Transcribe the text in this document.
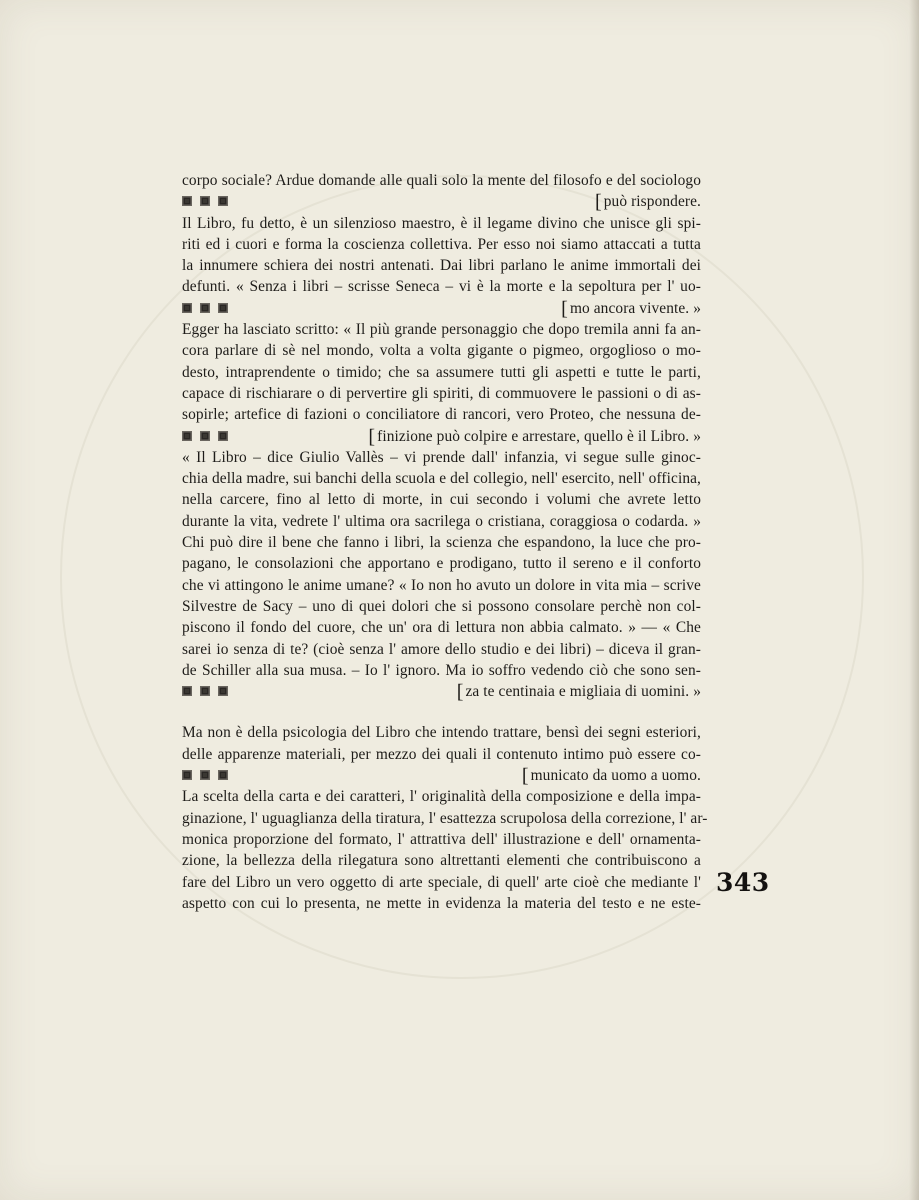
corpo sociale? Ardue domande alle quali solo la mente del filosofo e del sociologo
[ può rispondere.
Il Libro, fu detto, è un silenzioso maestro, è il legame divino che unisce gli spi-
riti ed i cuori e forma la coscienza collettiva. Per esso noi siamo attaccati a tutta
la innumere schiera dei nostri antenati. Dai libri parlano le anime immortali dei
defunti. « Senza i libri – scrisse Seneca – vi è la morte e la sepoltura per l' uo-
[ mo ancora vivente. »
Egger ha lasciato scritto: « Il più grande personaggio che dopo tremila anni fa an-
cora parlare di sè nel mondo, volta a volta gigante o pigmeo, orgoglioso o mo-
desto, intraprendente o timido; che sa assumere tutti gli aspetti e tutte le parti,
capace di rischiarare o di pervertire gli spiriti, di commuovere le passioni o di as-
sopirle; artefice di fazioni o conciliatore di rancori, vero Proteo, che nessuna de-
[ finizione può colpire e arrestare, quello è il Libro. »
« Il Libro – dice Giulio Vallès – vi prende dall' infanzia, vi segue sulle ginoc-
chia della madre, sui banchi della scuola e del collegio, nell' esercito, nell' officina,
nella carcere, fino al letto di morte, in cui secondo i volumi che avrete letto
durante la vita, vedrete l' ultima ora sacrilega o cristiana, coraggiosa o codarda. »
Chi può dire il bene che fanno i libri, la scienza che espandono, la luce che pro-
pagano, le consolazioni che apportano e prodigano, tutto il sereno e il conforto
che vi attingono le anime umane? « Io non ho avuto un dolore in vita mia – scrive
Silvestre de Sacy – uno di quei dolori che si possono consolare perchè non col-
piscono il fondo del cuore, che un' ora di lettura non abbia calmato. » — « Che
sarei io senza di te? (cioè senza l' amore dello studio e dei libri) – diceva il gran-
de Schiller alla sua musa. – Io l' ignoro. Ma io soffro vedendo ciò che sono sen-
[ za te centinaia e migliaia di uomini. »
Ma non è della psicologia del Libro che intendo trattare, bensì dei segni esteriori,
delle apparenze materiali, per mezzo dei quali il contenuto intimo può essere co-
[ municato da uomo a uomo.
La scelta della carta e dei caratteri, l' originalità della composizione e della impa-
ginazione, l' uguaglianza della tiratura, l' esattezza scrupolosa della correzione, l' ar-
monica proporzione del formato, l' attrattiva dell' illustrazione e dell' ornamenta-
zione, la bellezza della rilegatura sono altrettanti elementi che contribuiscono a
fare del Libro un vero oggetto di arte speciale, di quell' arte cioè che mediante l'
aspetto con cui lo presenta, ne mette in evidenza la materia del testo e ne este-
343
